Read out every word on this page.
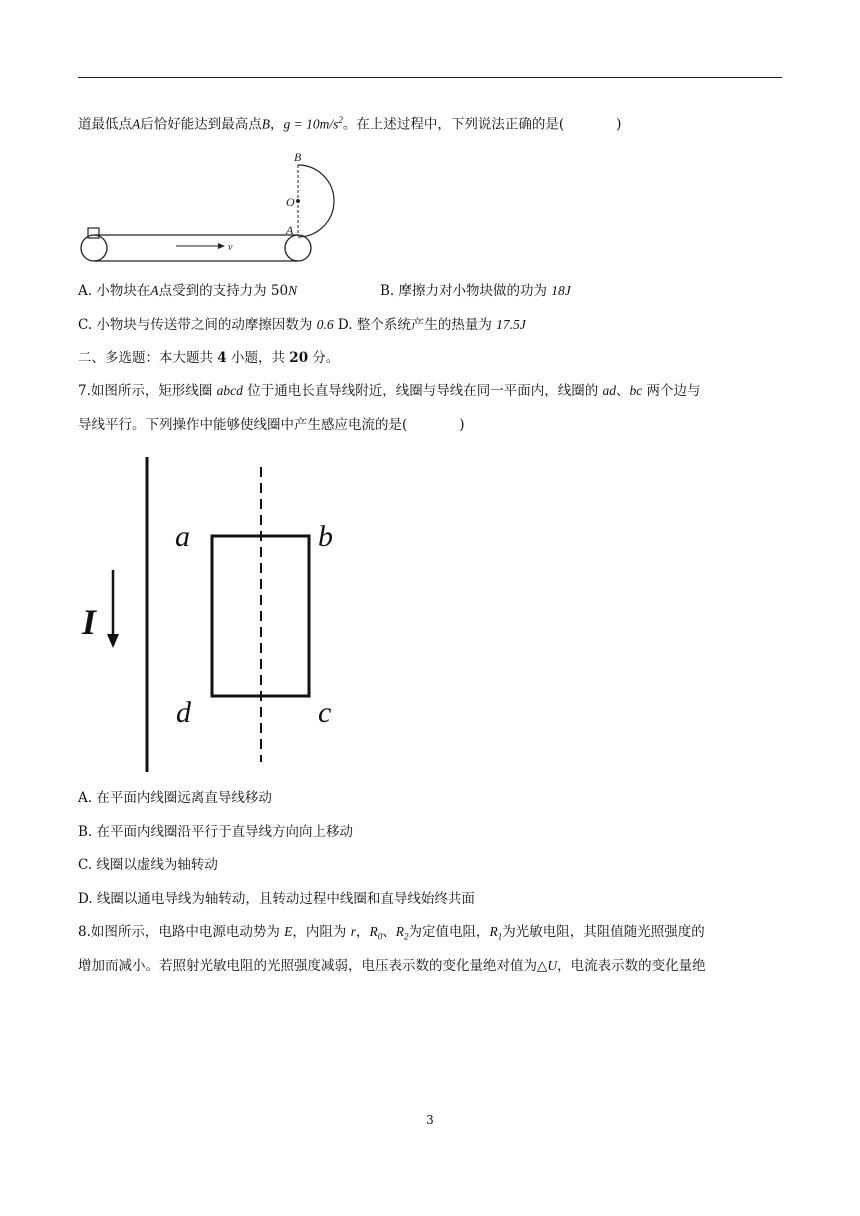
道最低点A后恰好能达到最高点B，$g = 10m/s^2$。在上述过程中，下列说法正确的是(	)
v
B
O
A
A. 小物块在A点受到的支持力为 50N	B. 摩擦力对小物块做的功为 18J
C. 小物块与传送带之间的动摩擦因数为 0.6 D. 整个系统产生的热量为 17.5J
二、多选题：本大题共 4 小题，共 20 分。
7.如图所示，矩形线圈 abcd 位于通电长直导线附近，线圈与导线在同一平面内，线圈的 ad、bc 两个边与
导线平行。下列操作中能够使线圈中产生感应电流的是(	)
I
a	b
d	c
A. 在平面内线圈远离直导线移动
B. 在平面内线圈沿平行于直导线方向向上移动
C. 线圈以虚线为轴转动
D. 线圈以通电导线为轴转动，且转动过程中线圈和直导线始终共面
8.如图所示，电路中电源电动势为 E，内阻为 r，$R_0$、$R_2$为定值电阻，$R_1$为光敏电阻，其阻值随光照强度的
增加而减小。若照射光敏电阻的光照强度减弱，电压表示数的变化量绝对值为△U，电流表示数的变化量绝
3
